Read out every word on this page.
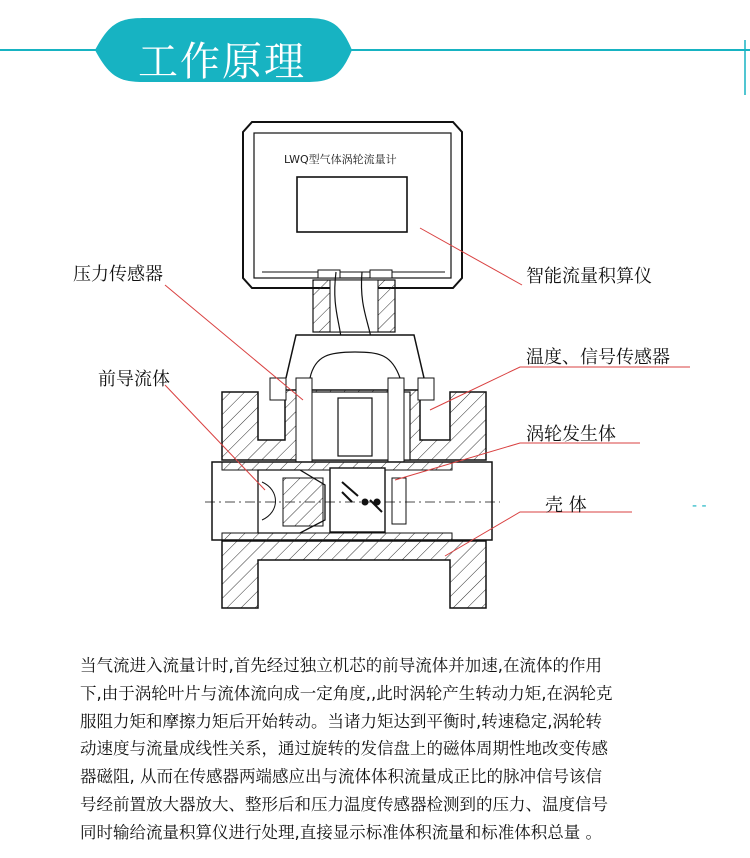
工作原理
- -
LWQ型气体涡轮流量计
压力传感器
前导流体
智能流量积算仪
温度、信号传感器
涡轮发生体
壳 体

当气流进入流量计时,首先经过独立机芯的前导流体并加速,在流体的作用

下,由于涡轮叶片与流体流向成一定角度,,此时涡轮产生转动力矩,在涡轮克

服阻力矩和摩擦力矩后开始转动。当诸力矩达到平衡时,转速稳定,涡轮转

动速度与流量成线性关系，通过旋转的发信盘上的磁体周期性地改变传感

器磁阻, 从而在传感器两端感应出与流体体积流量成正比的脉冲信号该信

号经前置放大器放大、整形后和压力温度传感器检测到的压力、温度信号

同时输给流量积算仪进行处理,直接显示标准体积流量和标准体积总量 。
